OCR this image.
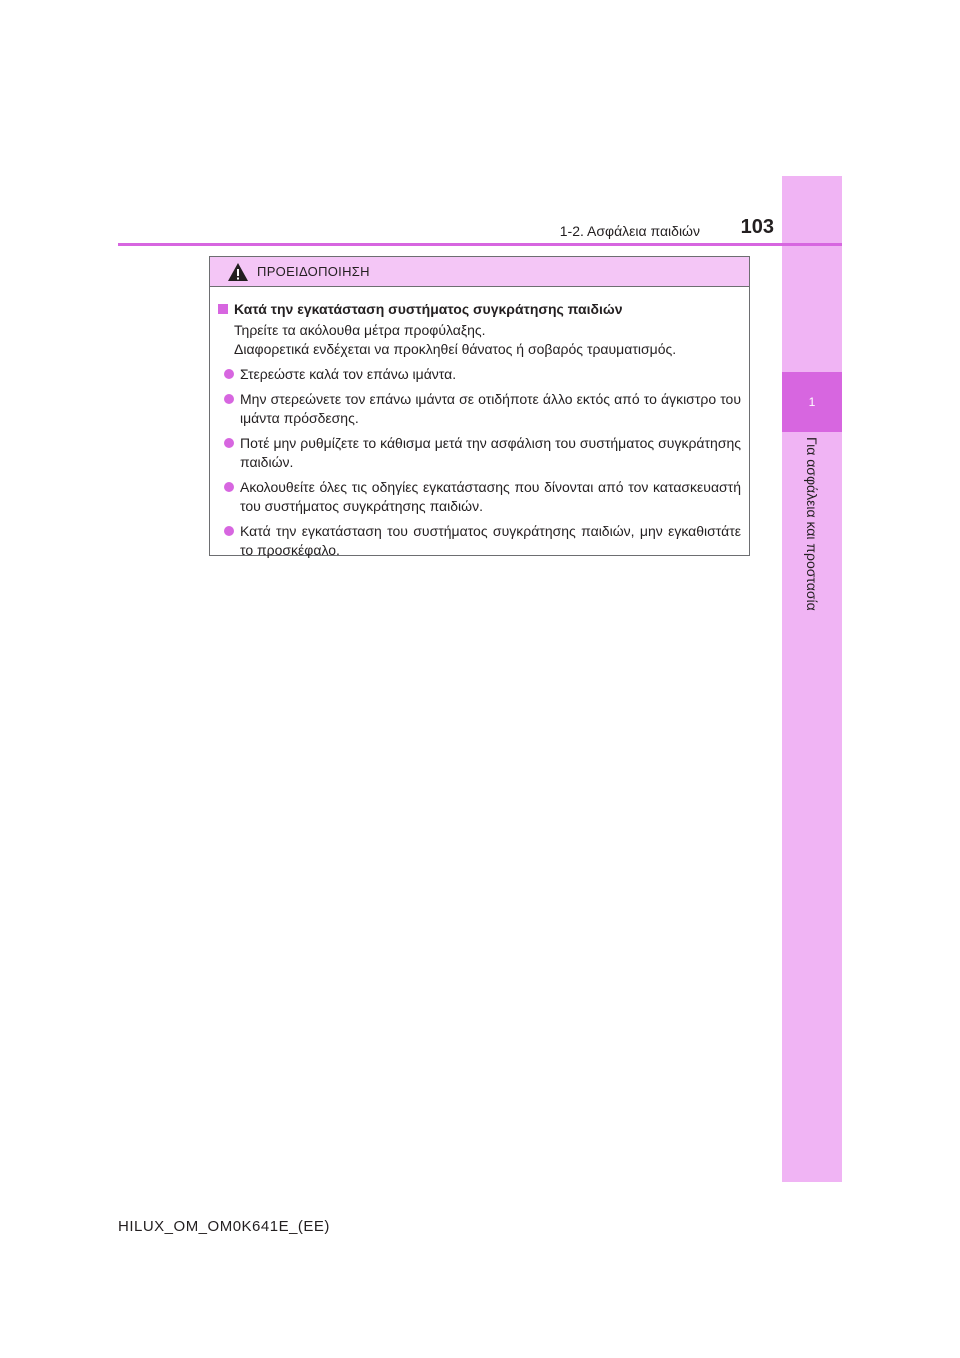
1
Για ασφάλεια και προστασία
1-2. Ασφάλεια παιδιών	103
ΠΡΟΕΙΔΟΠΟΙΗΣΗ
Κατά την εγκατάσταση συστήματος συγκράτησης παιδιών
Τηρείτε τα ακόλουθα μέτρα προφύλαξης.
Διαφορετικά ενδέχεται να προκληθεί θάνατος ή σοβαρός τραυματισμός.
Στερεώστε καλά τον επάνω ιμάντα.
Μην στερεώνετε τον επάνω ιμάντα σε οτιδήποτε άλλο εκτός από το άγκιστρο του ιμάντα πρόσδεσης.
Ποτέ μην ρυθμίζετε το κάθισμα μετά την ασφάλιση του συστήματος συγκράτησης παιδιών.
Ακολουθείτε όλες τις οδηγίες εγκατάστασης που δίνονται από τον κατασκευαστή του συστήματος συγκράτησης παιδιών.
Κατά την εγκατάσταση του συστήματος συγκράτησης παιδιών, μην εγκαθιστάτε το προσκέφαλο.
HILUX_OM_OM0K641E_(EE)
